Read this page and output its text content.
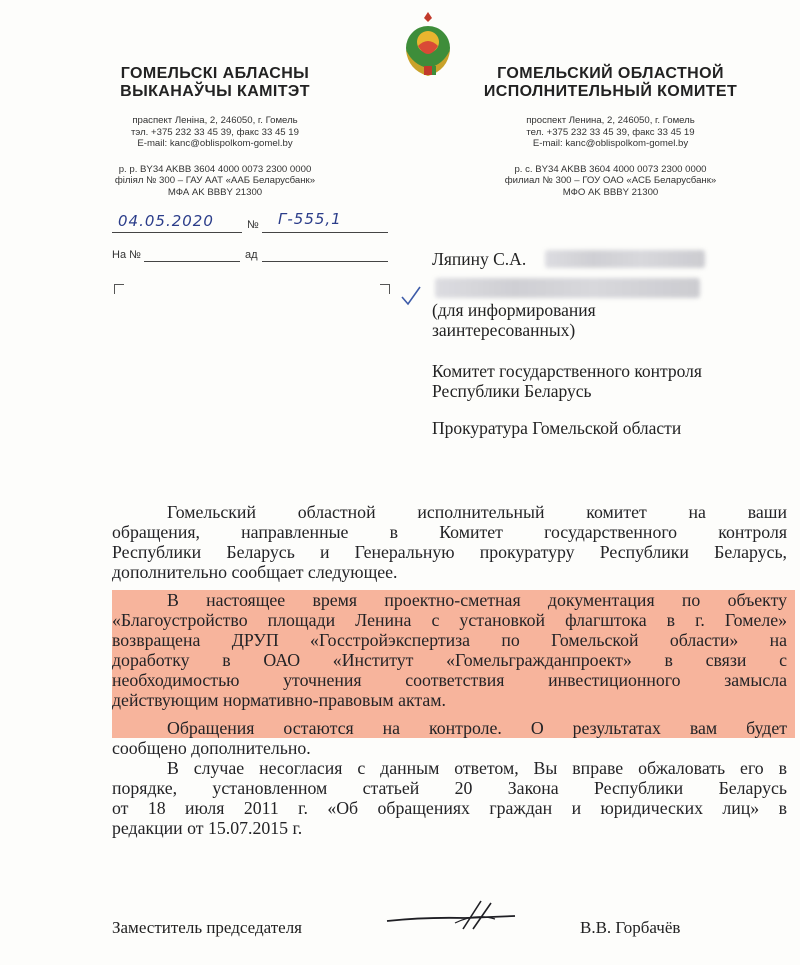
ГОМЕЛЬСКІ АБЛАСНЫ
ВЫКАНАЎЧЫ КАМІТЭТ
праспект Леніна, 2, 246050, г. Гомель
тэл. +375 232 33 45 39, факс 33 45 19
E-mail: kanc@oblispolkom-gomel.by
р. р. BY34 AKBB 3604 4000 0073 2300 0000
філіял № 300 – ГАУ ААТ «ААБ Беларусбанк»
МФА AK BBBY 21300
ГОМЕЛЬСКИЙ ОБЛАСТНОЙ
ИСПОЛНИТЕЛЬНЫЙ КОМИТЕТ
проспект Ленина, 2, 246050, г. Гомель
тел. +375 232 33 45 39, факс 33 45 19
E-mail: kanc@oblispolkom-gomel.by
р. с. BY34 AKBB 3604 4000 0073 2300 0000
филиал № 300 – ГОУ ОАО «АСБ Беларусбанк»
МФО AK BBBY 21300
04.05.2020	№ Г-555,1
На №	ад	Ляпину С.А.
(для информирования
заинтересованных)
Комитет государственного контроля
Республики Беларусь
Прокуратура Гомельской области
Гомельский областной исполнительный комитет на ваши
обращения, направленные в Комитет государственного контроля
Республики Беларусь и Генеральную прокуратуру Республики Беларусь,
дополнительно сообщает следующее.
В настоящее время проектно-сметная документация по объекту
«Благоустройство площади Ленина с установкой флагштока в г. Гомеле»
возвращена ДРУП «Госстройэкспертиза по Гомельской области» на
доработку в ОАО «Институт «Гомельгражданпроект» в связи с
необходимостью уточнения соответствия инвестиционного замысла
действующим нормативно-правовым актам.
Обращения остаются на контроле. О результатах вам будет
сообщено дополнительно.
В случае несогласия с данным ответом, Вы вправе обжаловать его в
порядке, установленном статьей 20 Закона Республики Беларусь
от 18 июля 2011 г. «Об обращениях граждан и юридических лиц» в
редакции от 15.07.2015 г.
Заместитель председателя	В.В. Горбачёв
